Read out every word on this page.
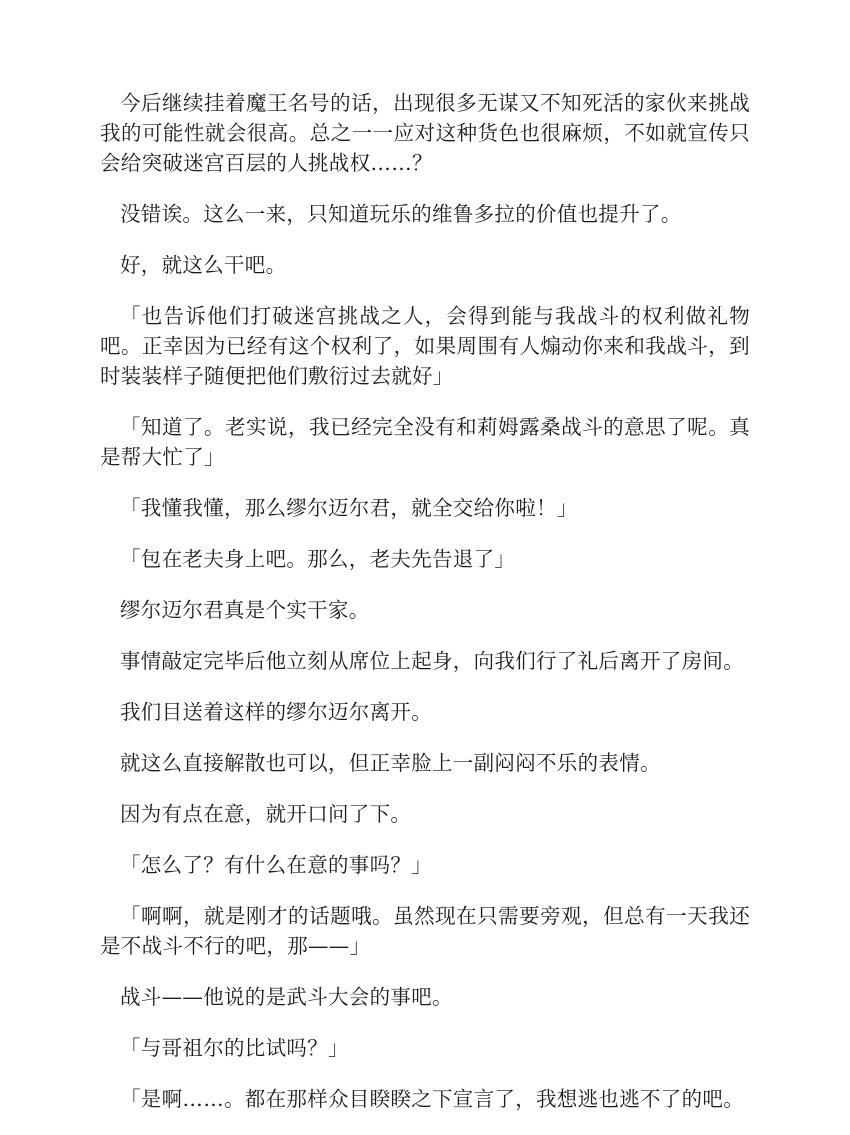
今后继续挂着魔王名号的话，出现很多无谋又不知死活的家伙来挑战我的可能性就会很高。总之一一应对这种货色也很麻烦，不如就宣传只会给突破迷宫百层的人挑战权……？

没错诶。这么一来，只知道玩乐的维鲁多拉的价值也提升了。

好，就这么干吧。

「也告诉他们打破迷宫挑战之人，会得到能与我战斗的权利做礼物吧。正幸因为已经有这个权利了，如果周围有人煽动你来和我战斗，到时装装样子随便把他们敷衍过去就好」

「知道了。老实说，我已经完全没有和莉姆露桑战斗的意思了呢。真是帮大忙了」

「我懂我懂，那么缪尔迈尔君，就全交给你啦！」

「包在老夫身上吧。那么，老夫先告退了」

缪尔迈尔君真是个实干家。

事情敲定完毕后他立刻从席位上起身，向我们行了礼后离开了房间。

我们目送着这样的缪尔迈尔离开。

就这么直接解散也可以，但正幸脸上一副闷闷不乐的表情。

因为有点在意，就开口问了下。

「怎么了？有什么在意的事吗？」

「啊啊，就是刚才的话题哦。虽然现在只需要旁观，但总有一天我还是不战斗不行的吧，那——」

战斗——他说的是武斗大会的事吧。

「与哥祖尔的比试吗？」

「是啊……。都在那样众目睽睽之下宣言了，我想逃也逃不了的吧。
